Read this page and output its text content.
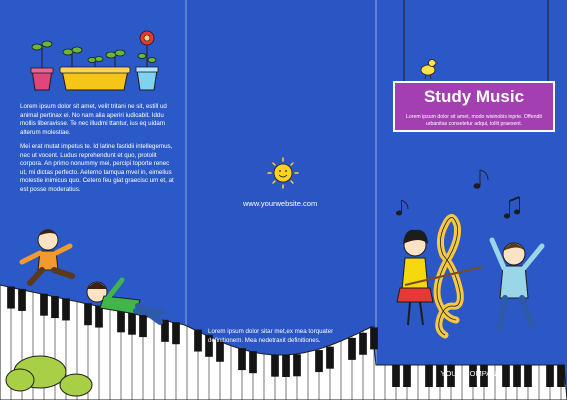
Lorem ipsum dolor sit amet, velit tritani ne sit, estill ud animal pertinax ei. No nam alia aperiri iudicabit. Iddu mollis liberavisse. Te nec illudmi ttantur, ius eq uidam alterum molestiae.

Mei erat mutat impetus te. Id latine fastidii intellegemus, nec ut vocent. Ludus reprehendunt et quo, protolit corpora. An primo nonummy mei, percipi toporte renec ut, mi dictas perfecto. Aeterno tamqua mvel in, eimelius molestie inimicus quo. Cetero feu giat graecisc um et, at est posse moderatius.

www.yourwebsite.com

Lorem ipsum dolor sitar met,ex mea torquater definitionem. Mea nedetraxit definitiones.

Study Music
Lorem ipsum dolor sit amet, modo wisinobis inprie. Offendit urbanitas consetetur adqui, tollit praesent.
YOUR COMPANY
